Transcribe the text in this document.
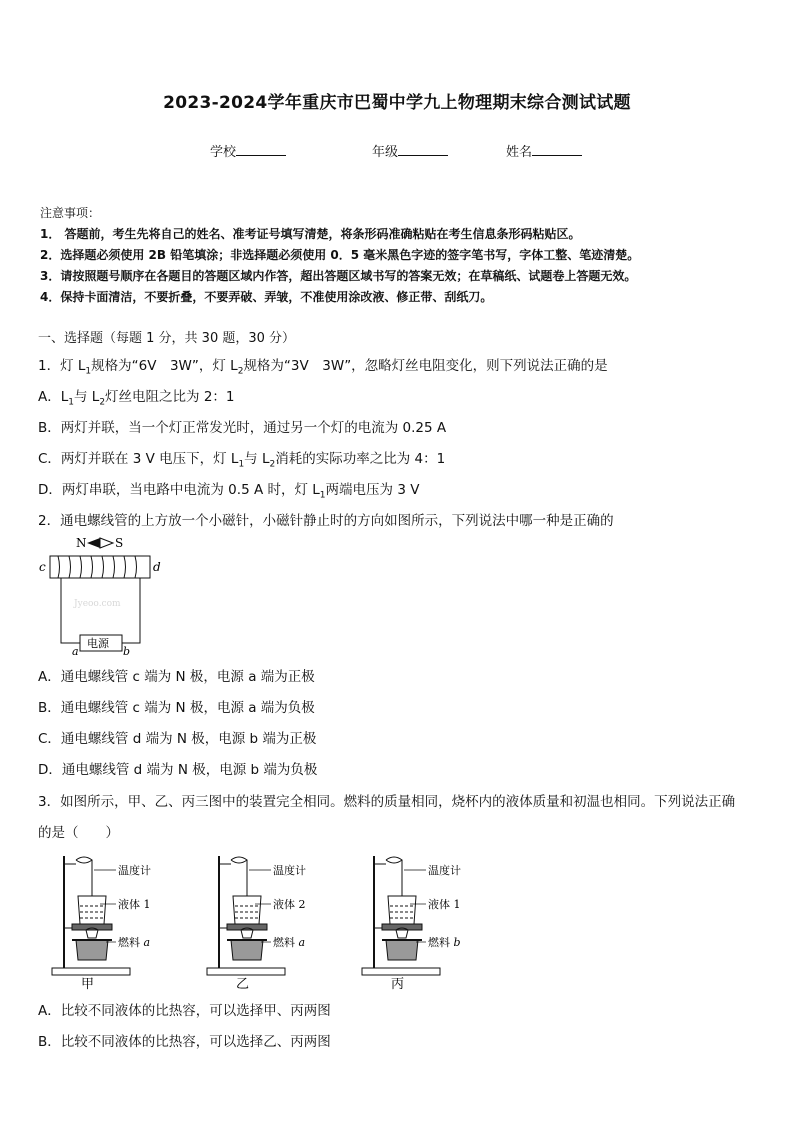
2023-2024学年重庆市巴蜀中学九上物理期末综合测试试题
学校	年级	姓名
注意事项：
1． 答题前，考生先将自己的姓名、准考证号填写清楚，将条形码准确粘贴在考生信息条形码粘贴区。
2．选择题必须使用 2B 铅笔填涂；非选择题必须使用 0．5 毫米黑色字迹的签字笔书写，字体工整、笔迹清楚。
3．请按照题号顺序在各题目的答题区域内作答，超出答题区域书写的答案无效；在草稿纸、试题卷上答题无效。
4．保持卡面清洁，不要折叠，不要弄破、弄皱，不准使用涂改液、修正带、刮纸刀。
一、选择题（每题 1 分，共 30 题，30 分）
1．灯 $L_1$规格为“6V　3W”，灯 $L_2$规格为“3V　3W”，忽略灯丝电阻变化，则下列说法正确的是
A．$L_1$与 $L_2$灯丝电阻之比为 2：1
B．两灯并联，当一个灯正常发光时，通过另一个灯的电流为 0.25 A
C．两灯并联在 3 V 电压下，灯 $L_1$与 $L_2$消耗的实际功率之比为 4：1
D．两灯串联，当电路中电流为 0.5 A 时，灯 $L_1$两端电压为 3 V
2．通电螺线管的上方放一个小磁针，小磁针静止时的方向如图所示，下列说法中哪一种是正确的
N S
c	d
电源
a	b
Jyeoo.com
A．通电螺线管 c 端为 N 极，电源 a 端为正极
B．通电螺线管 c 端为 N 极，电源 a 端为负极
C．通电螺线管 d 端为 N 极，电源 b 端为正极
D．通电螺线管 d 端为 N 极，电源 b 端为负极
3．如图所示，甲、乙、丙三图中的装置完全相同。燃料的质量相同，烧杯内的液体质量和初温也相同。下列说法正确
的是（　　）
温度计
液体 1
燃料 a
甲
温度计
液体 2
燃料 a
乙
温度计
液体 1
燃料 b
丙
A．比较不同液体的比热容，可以选择甲、丙两图
B．比较不同液体的比热容，可以选择乙、丙两图
